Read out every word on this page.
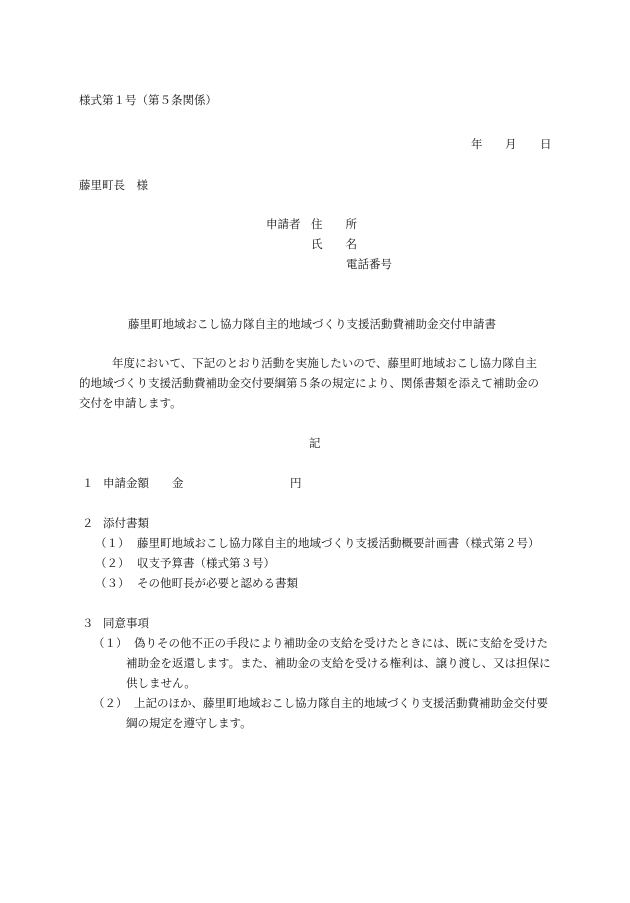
様式第１号（第５条関係）
年 月 日
藤里町長　様
申請者 住　　所
氏　　名
電話番号
藤里町地域おこし協力隊自主的地域づくり支援活動費補助金交付申請書
年度において、下記のとおり活動を実施したいので、藤里町地域おこし協力隊自主
的地域づくり支援活動費補助金交付要綱第５条の規定により、関係書類を添えて補助金の
交付を申請します。
記
１ 申請金額 金	円
２ 添付書類
（１） 藤里町地域おこし協力隊自主的地域づくり支援活動概要計画書（様式第２号）
（２） 収支予算書（様式第３号）
（３） その他町長が必要と認める書類
３ 同意事項
（１） 偽りその他不正の手段により補助金の支給を受けたときには、既に支給を受けた
補助金を返還します。また、補助金の支給を受ける権利は、譲り渡し、又は担保に
供しません。
（２） 上記のほか、藤里町地域おこし協力隊自主的地域づくり支援活動費補助金交付要
綱の規定を遵守します。
